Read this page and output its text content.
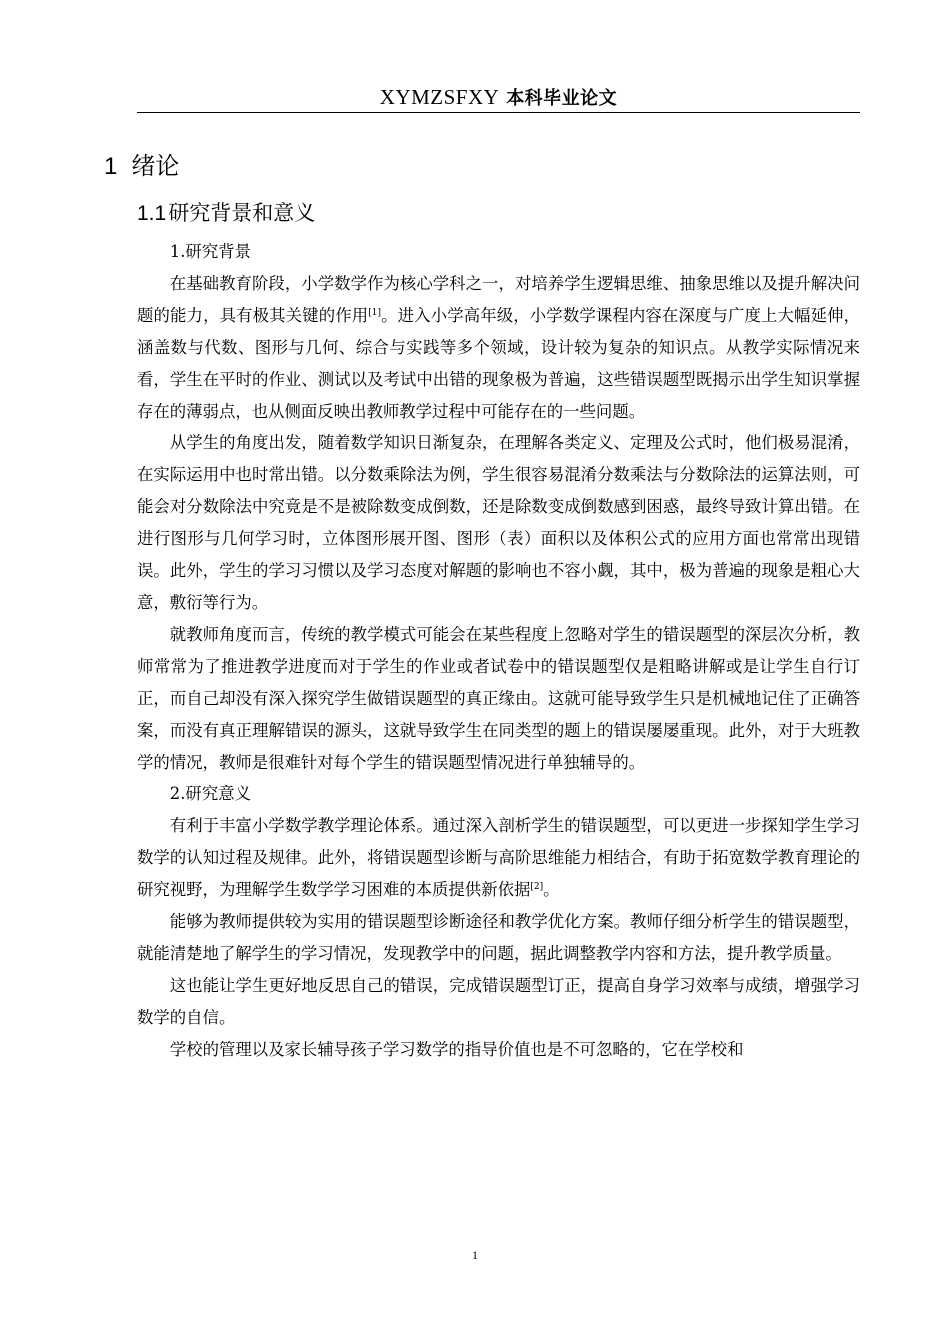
XYMZSFXY 本科毕业论文
1 绪论
1.1研究背景和意义

1.研究背景

在基础教育阶段，小学数学作为核心学科之一，对培养学生逻辑思维、抽象思维以及提升解决问题的能力，具有极其关键的作用[1]。进入小学高年级，小学数学课程内容在深度与广度上大幅延伸，涵盖数与代数、图形与几何、综合与实践等多个领域，设计较为复杂的知识点。从教学实际情况来看，学生在平时的作业、测试以及考试中出错的现象极为普遍，这些错误题型既揭示出学生知识掌握存在的薄弱点，也从侧面反映出教师教学过程中可能存在的一些问题。

从学生的角度出发，随着数学知识日渐复杂，在理解各类定义、定理及公式时，他们极易混淆，在实际运用中也时常出错。以分数乘除法为例，学生很容易混淆分数乘法与分数除法的运算法则，可能会对分数除法中究竟是不是被除数变成倒数，还是除数变成倒数感到困惑，最终导致计算出错。在进行图形与几何学习时，立体图形展开图、图形（表）面积以及体积公式的应用方面也常常出现错误。此外，学生的学习习惯以及学习态度对解题的影响也不容小觑，其中，极为普遍的现象是粗心大意，敷衍等行为。

就教师角度而言，传统的教学模式可能会在某些程度上忽略对学生的错误题型的深层次分析，教师常常为了推进教学进度而对于学生的作业或者试卷中的错误题型仅是粗略讲解或是让学生自行订正，而自己却没有深入探究学生做错误题型的真正缘由。这就可能导致学生只是机械地记住了正确答案，而没有真正理解错误的源头，这就导致学生在同类型的题上的错误屡屡重现。此外，对于大班教学的情况，教师是很难针对每个学生的错误题型情况进行单独辅导的。

2.研究意义

有利于丰富小学数学教学理论体系。通过深入剖析学生的错误题型，可以更进一步探知学生学习数学的认知过程及规律。此外，将错误题型诊断与高阶思维能力相结合，有助于拓宽数学教育理论的研究视野，为理解学生数学学习困难的本质提供新依据[2]。

能够为教师提供较为实用的错误题型诊断途径和教学优化方案。教师仔细分析学生的错误题型，就能清楚地了解学生的学习情况，发现教学中的问题，据此调整教学内容和方法，提升教学质量。

这也能让学生更好地反思自己的错误，完成错误题型订正，提高自身学习效率与成绩，增强学习数学的自信。

学校的管理以及家长辅导孩子学习数学的指导价值也是不可忽略的，它在学校和

1
